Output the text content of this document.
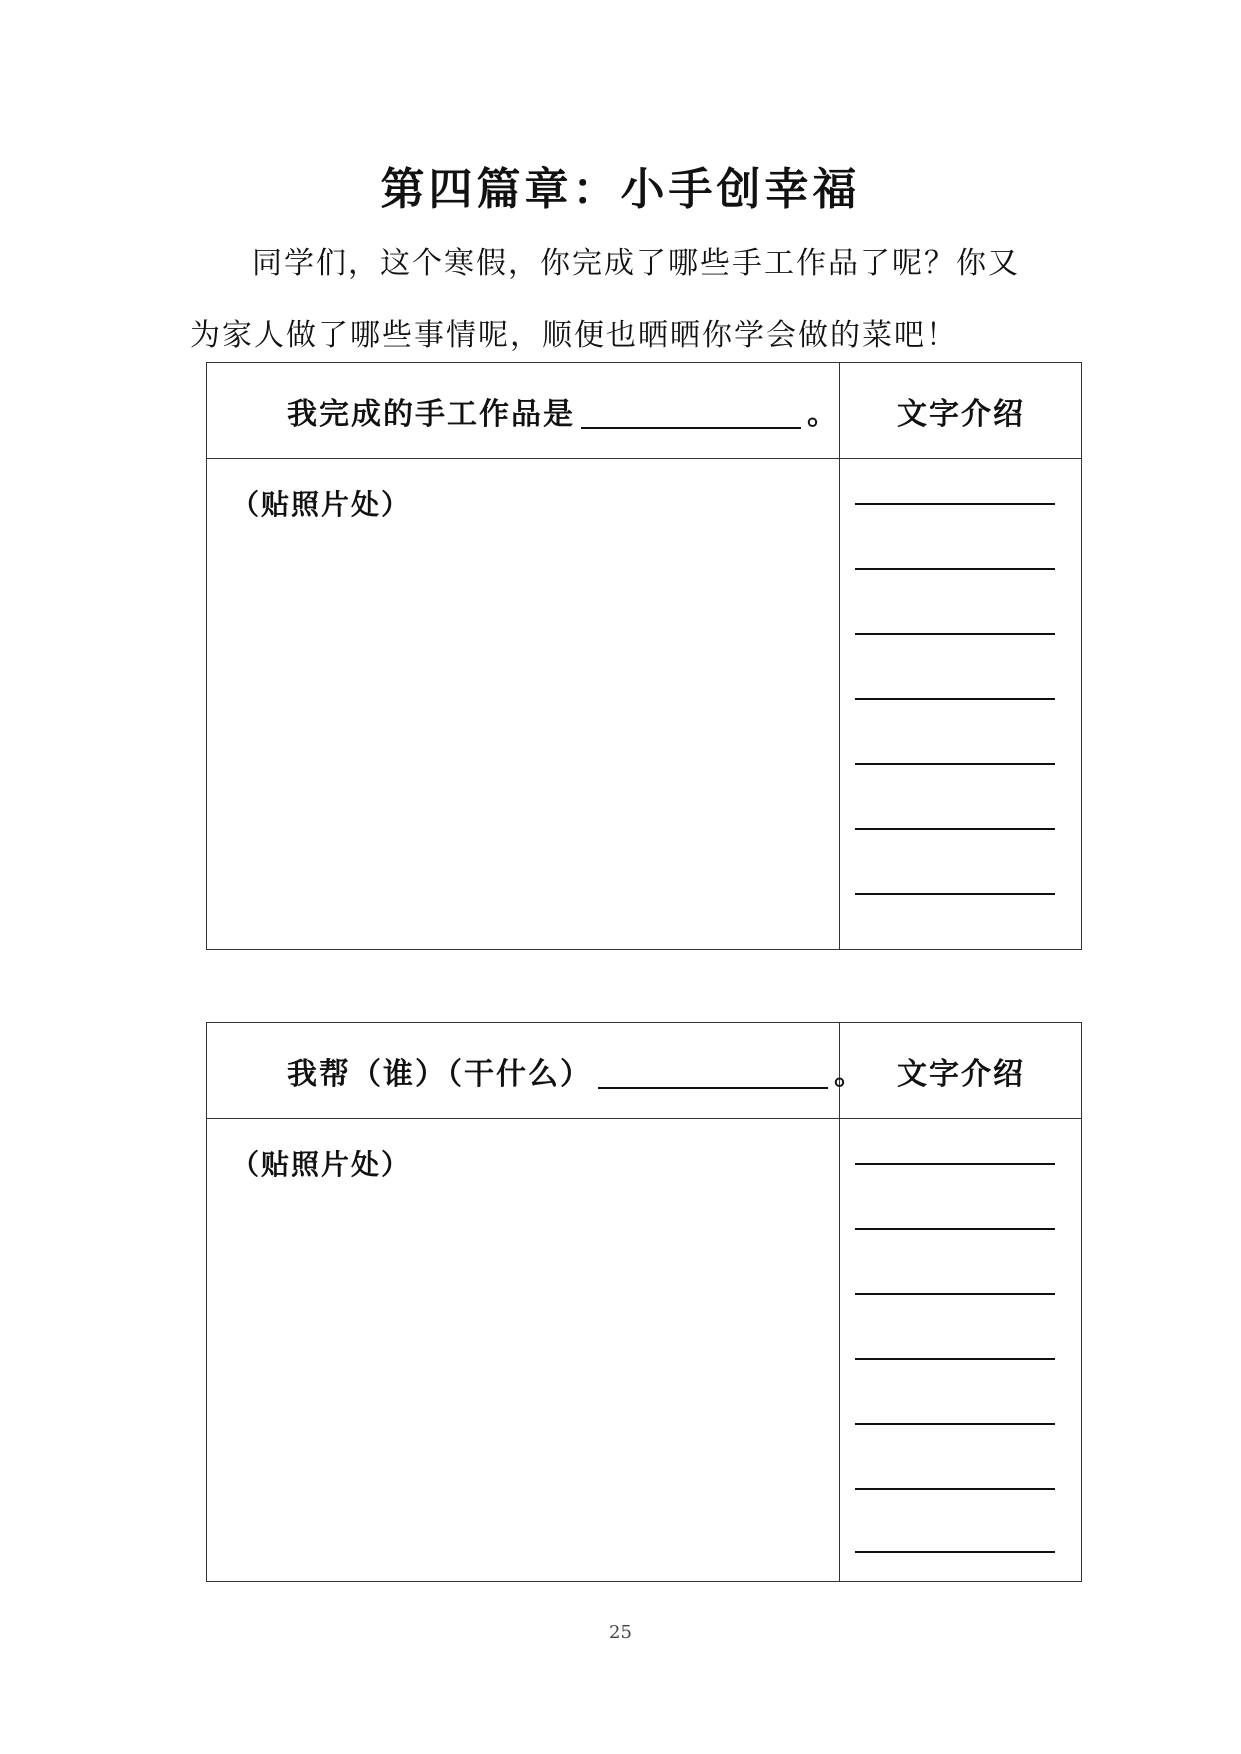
第四篇章：小手创幸福
同学们，这个寒假，你完成了哪些手工作品了呢？你又
为家人做了哪些事情呢，顺便也晒晒你学会做的菜吧！
我完成的手工作品是	。	文字介绍
（贴照片处）
我帮（谁）（干什么）	。	文字介绍
（贴照片处）
25
